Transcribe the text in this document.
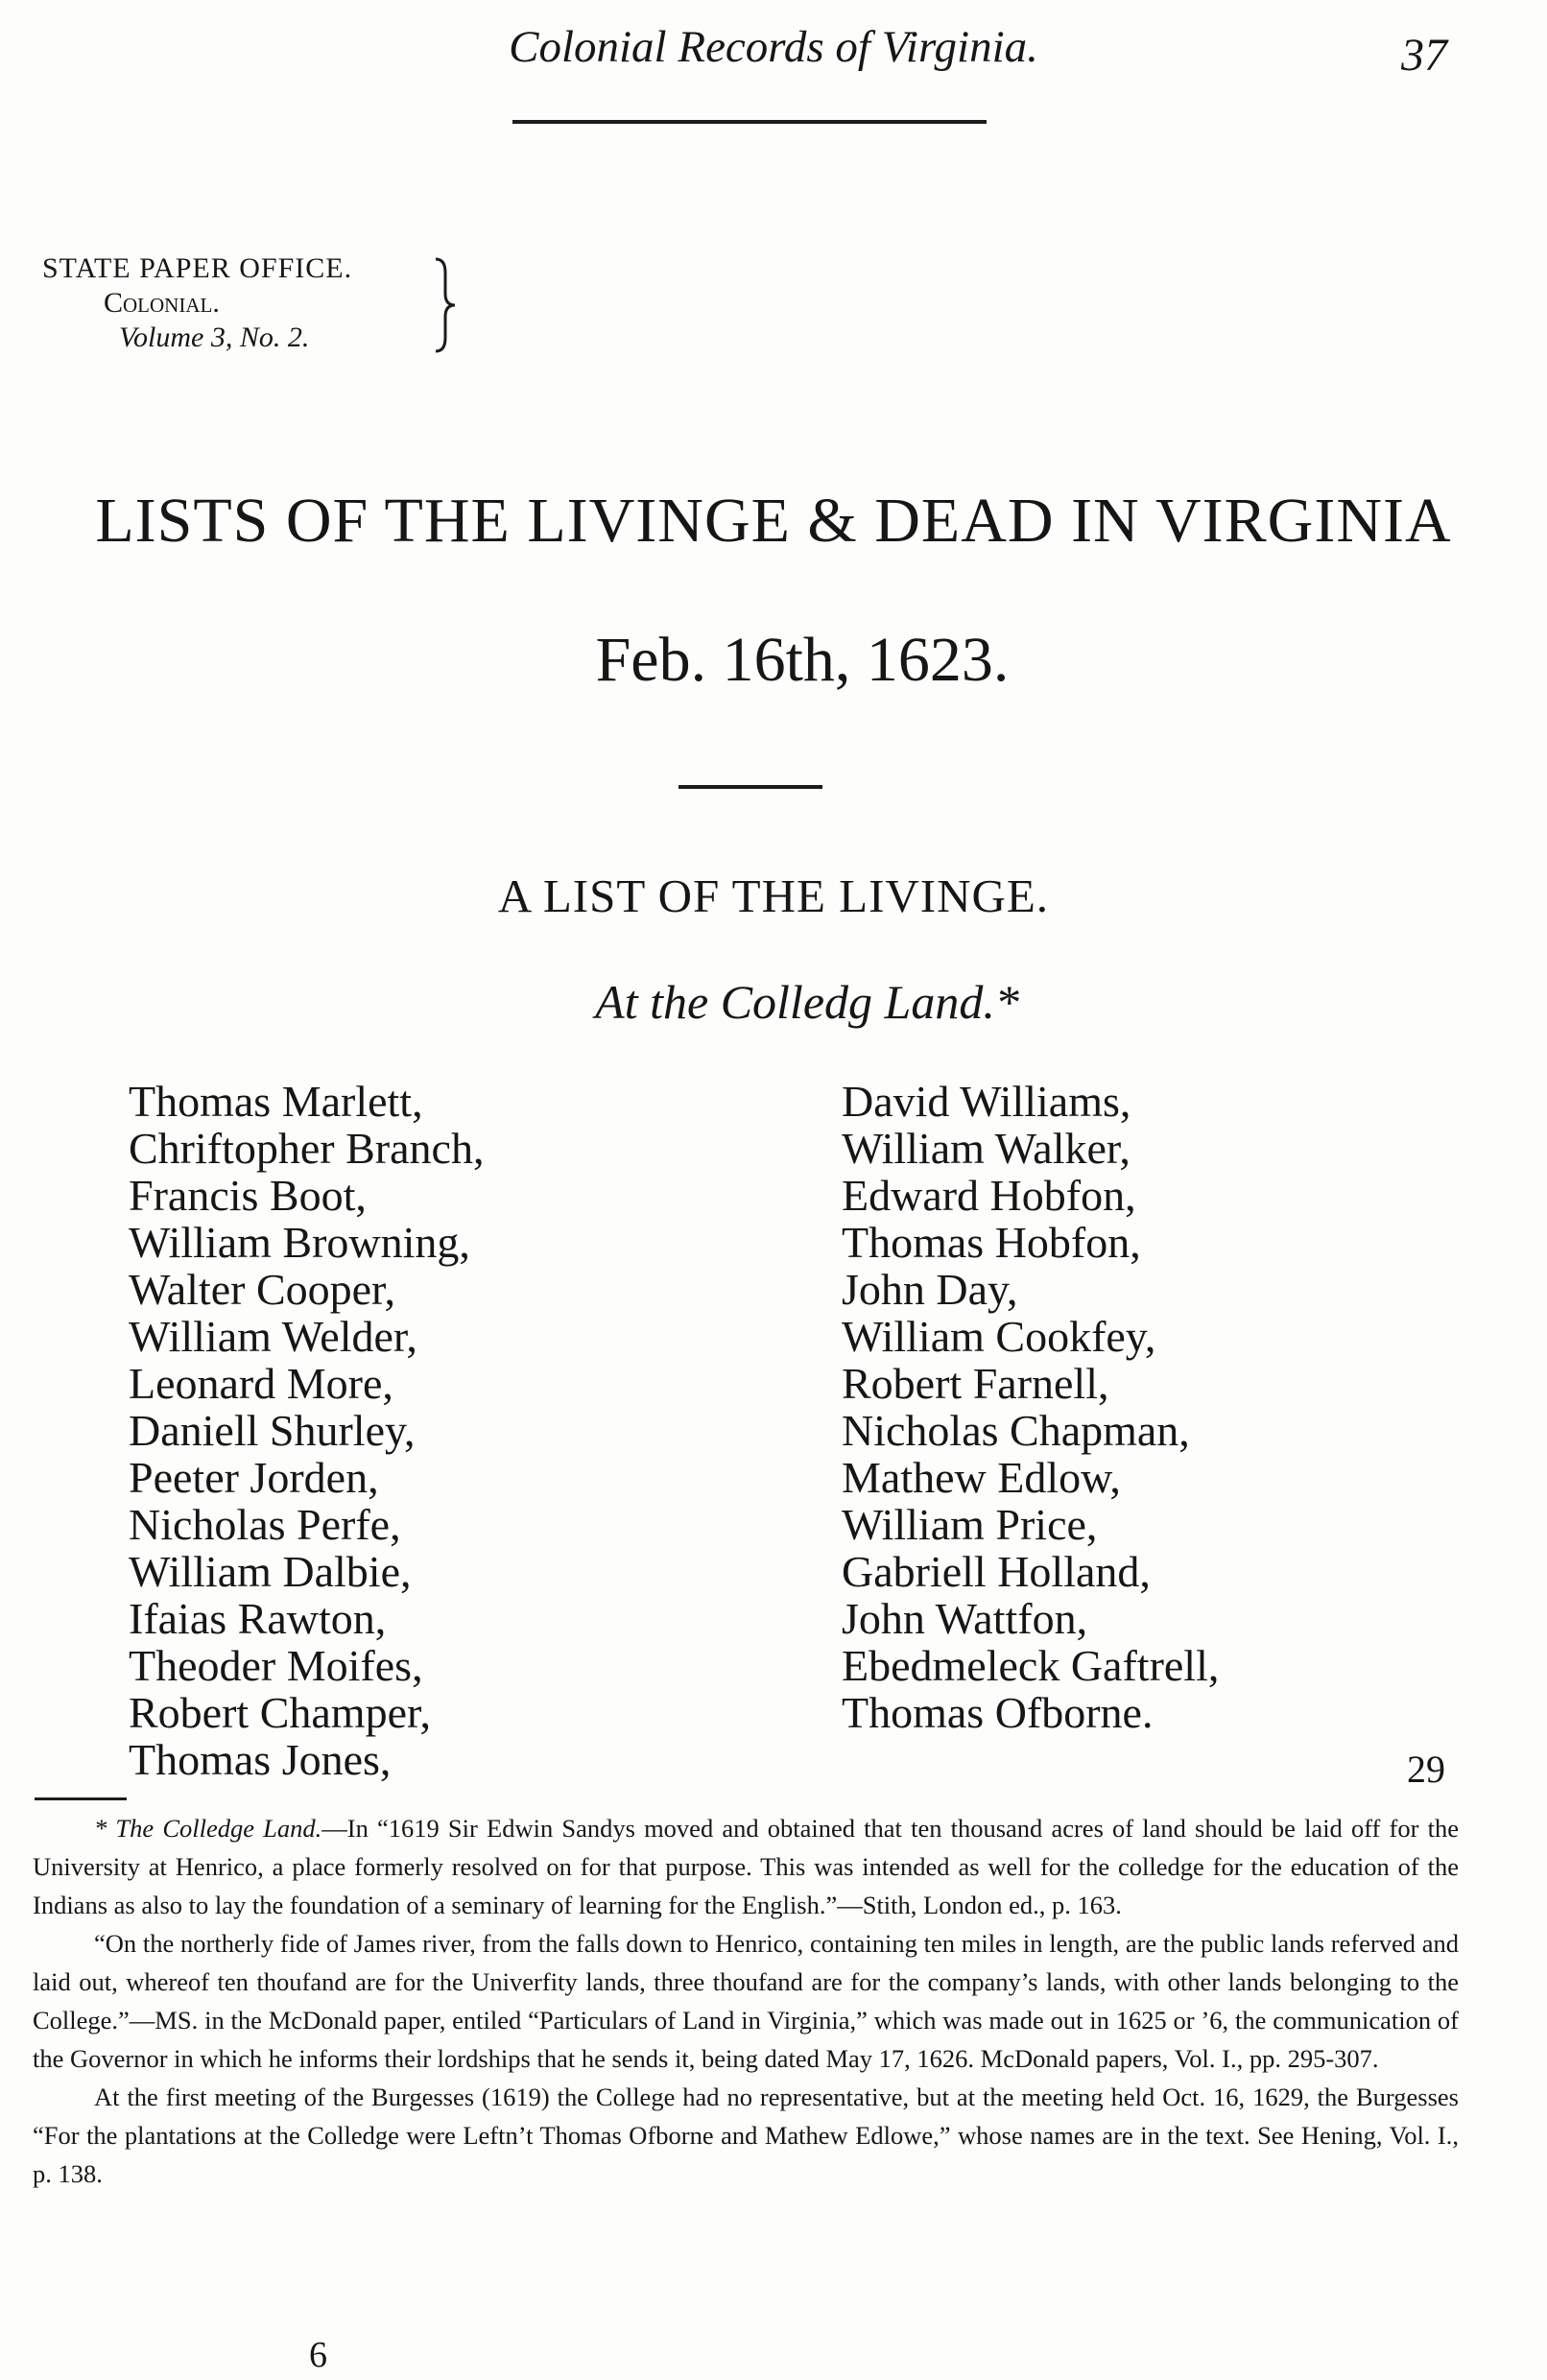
Colonial Records of Virginia.	37
STATE PAPER OFFICE.
Colonial.
Volume 3, No. 2.
LISTS OF THE LIVINGE & DEAD IN VIRGINIA
Feb. 16th, 1623.
A LIST OF THE LIVINGE.
At the Colledg Land.*
Thomas Marlett,
Chriftopher Branch,
Francis Boot,
William Browning,
Walter Cooper,
William Welder,
Leonard More,
Daniell Shurley,
Peeter Jorden,
Nicholas Perfe,
William Dalbie,
Ifaias Rawton,
Theoder Moifes,
Robert Champer,
Thomas Jones,
David Williams,
William Walker,
Edward Hobfon,
Thomas Hobfon,
John Day,
William Cookfey,
Robert Farnell,
Nicholas Chapman,
Mathew Edlow,
William Price,
Gabriell Holland,
John Wattfon,
Ebedmeleck Gaftrell,
Thomas Ofborne.
29

* The Colledge Land.—In “1619 Sir Edwin Sandys moved and obtained that ten thousand acres of land should be laid off for the University at Henrico, a place formerly resolved on for that purpose. This was intended as well for the colledge for the education of the Indians as also to lay the foundation of a seminary of learning for the English.”—Stith, London ed., p. 163.

“On the northerly fide of James river, from the falls down to Henrico, containing ten miles in length, are the public lands referved and laid out, whereof ten thoufand are for the Univerfity lands, three thoufand are for the company’s lands, with other lands belonging to the College.”—MS. in the McDonald paper, entiled “Particulars of Land in Virginia,” which was made out in 1625 or ’6, the communication of the Governor in which he informs their lordships that he sends it, being dated May 17, 1626. McDonald papers, Vol. I., pp. 295-307.

At the first meeting of the Burgesses (1619) the College had no representative, but at the meeting held Oct. 16, 1629, the Burgesses “For the plantations at the Colledge were Leftn’t Thomas Ofborne and Mathew Edlowe,” whose names are in the text. See Hening, Vol. I., p. 138.

6
